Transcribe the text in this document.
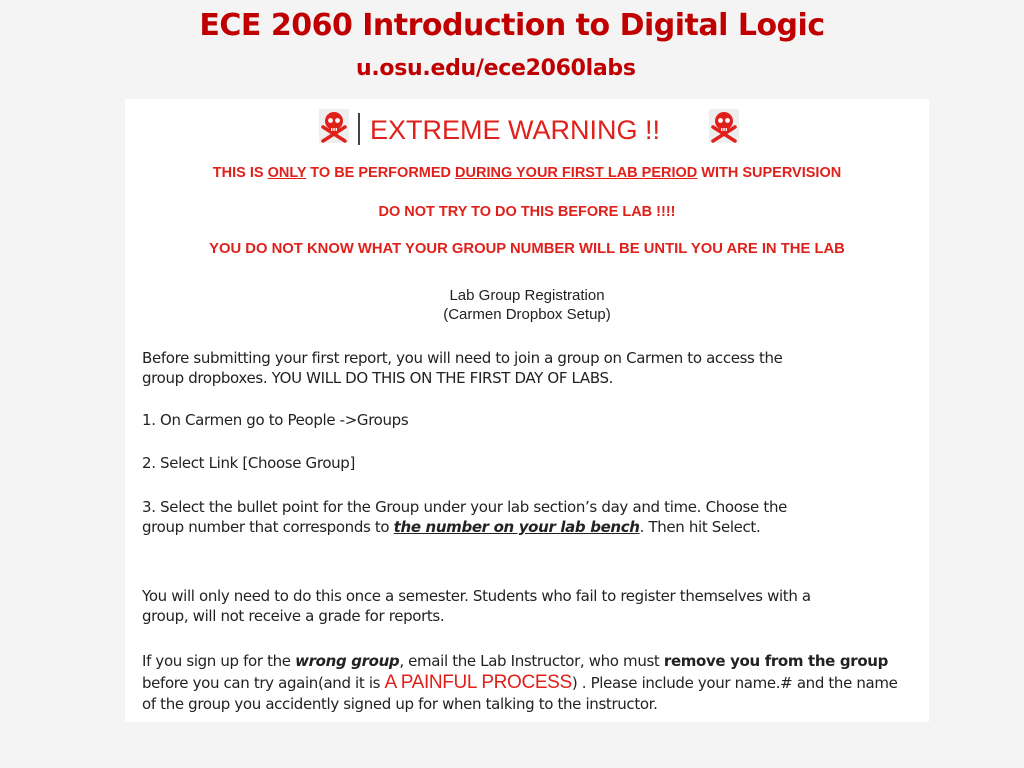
ECE 2060 Introduction to Digital Logic
u.osu.edu/ece2060labs
EXTREME WARNING !!
THIS IS ONLY TO BE PERFORMED DURING YOUR FIRST LAB PERIOD WITH SUPERVISION
DO NOT TRY TO DO THIS BEFORE LAB !!!!
YOU DO NOT KNOW WHAT YOUR GROUP NUMBER WILL BE UNTIL YOU ARE IN THE LAB
Lab Group Registration
(Carmen Dropbox Setup)
Before submitting your first report, you will need to join a group on Carmen to access the group dropboxes. YOU WILL DO THIS ON THE FIRST DAY OF LABS.
1. On Carmen go to People ->Groups
2. Select Link [Choose Group]
3. Select the bullet point for the Group under your lab section’s day and time. Choose the group number that corresponds to the number on your lab bench. Then hit Select.
You will only need to do this once a semester. Students who fail to register themselves with a group, will not receive a grade for reports.
If you sign up for the wrong group, email the Lab Instructor, who must remove you from the group before you can try again(and it is A PAINFUL PROCESS) . Please include your name.# and the name of the group you accidently signed up for when talking to the instructor.
